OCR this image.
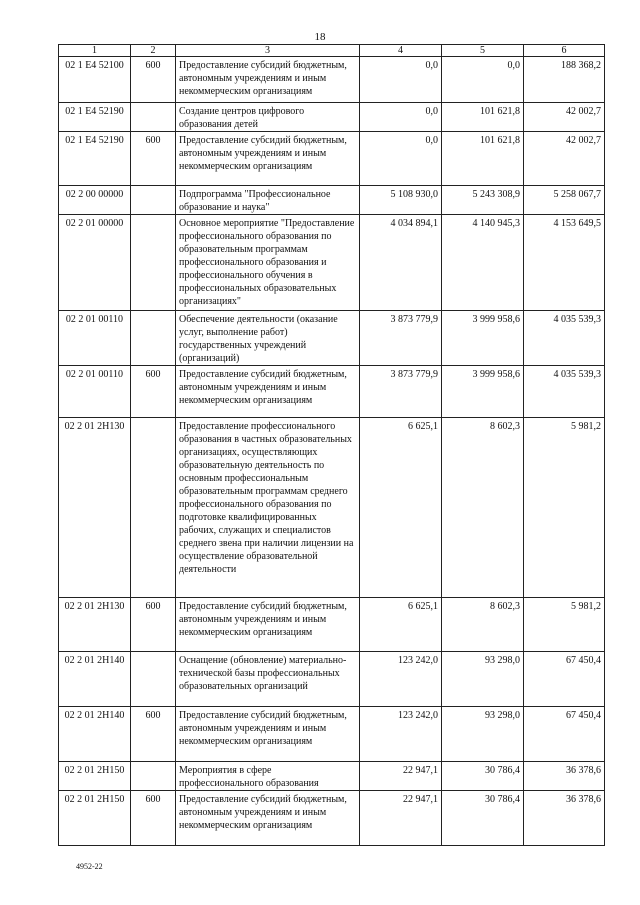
18
1	2	3	4	5	6
02 1 E4 52100	600	Предоставление субсидий бюджетным, автономным учреждениям и иным некоммерческим организациям	0,0	0,0	188 368,2
02 1 E4 52190		Создание центров цифрового образования детей	0,0	101 621,8	42 002,7
02 1 E4 52190	600	Предоставление субсидий бюджетным, автономным учреждениям и иным некоммерческим организациям	0,0	101 621,8	42 002,7
02 2 00 00000		Подпрограмма "Профессиональное образование и наука"	5 108 930,0	5 243 308,9	5 258 067,7
02 2 01 00000		Основное мероприятие "Предоставление профессионального образования по образовательным программам профессионального образования и профессионального обучения в профессиональных образовательных организациях"	4 034 894,1	4 140 945,3	4 153 649,5
02 2 01 00110		Обеспечение деятельности (оказание услуг, выполнение работ) государственных учреждений (организаций)	3 873 779,9	3 999 958,6	4 035 539,3
02 2 01 00110	600	Предоставление субсидий бюджетным, автономным учреждениям и иным некоммерческим организациям	3 873 779,9	3 999 958,6	4 035 539,3
02 2 01 2H130		Предоставление профессионального образования в частных образовательных организациях, осуществляющих образовательную деятельность по основным профессиональным образовательным программам среднего профессионального образования по подготовке квалифицированных рабочих, служащих и специалистов среднего звена при наличии лицензии на осуществление образовательной деятельности	6 625,1	8 602,3	5 981,2
02 2 01 2H130	600	Предоставление субсидий бюджетным, автономным учреждениям и иным некоммерческим организациям	6 625,1	8 602,3	5 981,2
02 2 01 2H140		Оснащение (обновление) материально-технической базы профессиональных образовательных организаций	123 242,0	93 298,0	67 450,4
02 2 01 2H140	600	Предоставление субсидий бюджетным, автономным учреждениям и иным некоммерческим организациям	123 242,0	93 298,0	67 450,4
02 2 01 2H150		Мероприятия в сфере профессионального образования	22 947,1	30 786,4	36 378,6
02 2 01 2H150	600	Предоставление субсидий бюджетным, автономным учреждениям и иным некоммерческим организациям	22 947,1	30 786,4	36 378,6
4952-22
